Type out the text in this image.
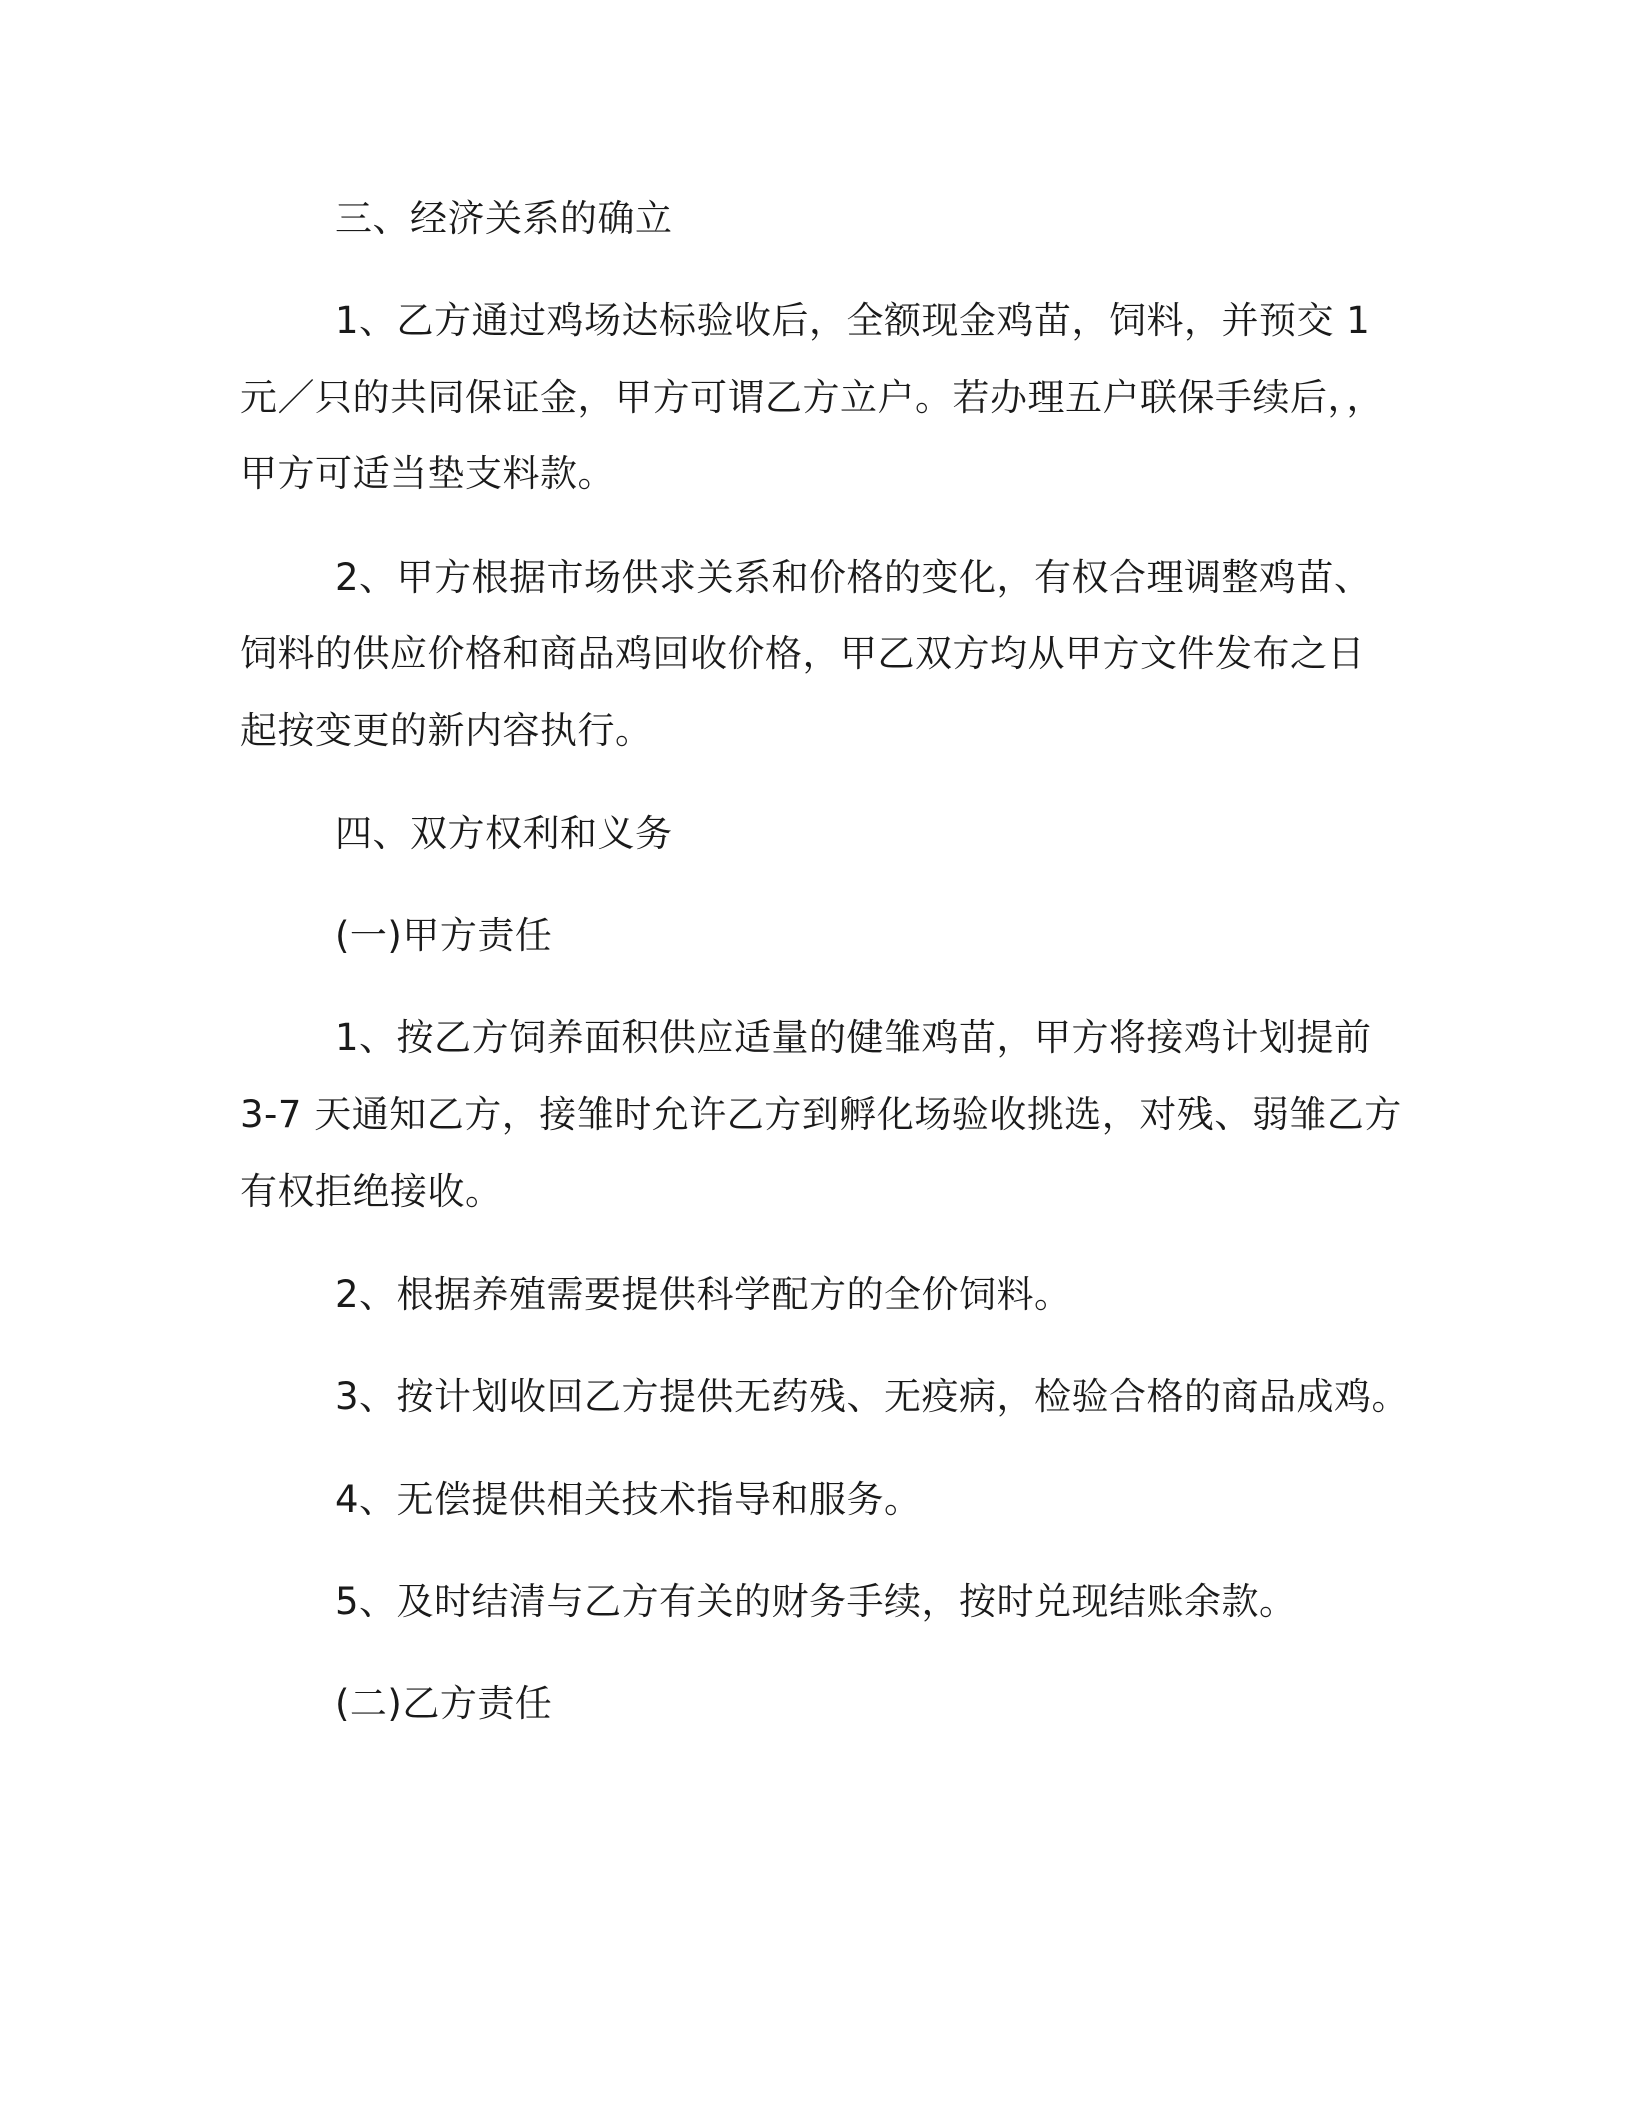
三、经济关系的确立
1、乙方通过鸡场达标验收后，全额现金鸡苗，饲料，并预交 1
元／只的共同保证金，甲方可谓乙方立户。若办理五户联保手续后，，
甲方可适当垫支料款。
2、甲方根据市场供求关系和价格的变化，有权合理调整鸡苗、
饲料的供应价格和商品鸡回收价格，甲乙双方均从甲方文件发布之日
起按变更的新内容执行。
四、双方权利和义务
(一)甲方责任
1、按乙方饲养面积供应适量的健雏鸡苗，甲方将接鸡计划提前
3-7 天通知乙方，接雏时允许乙方到孵化场验收挑选，对残、弱雏乙方
有权拒绝接收。
2、根据养殖需要提供科学配方的全价饲料。
3、按计划收回乙方提供无药残、无疫病，检验合格的商品成鸡。
4、无偿提供相关技术指导和服务。
5、及时结清与乙方有关的财务手续，按时兑现结账余款。
(二)乙方责任
